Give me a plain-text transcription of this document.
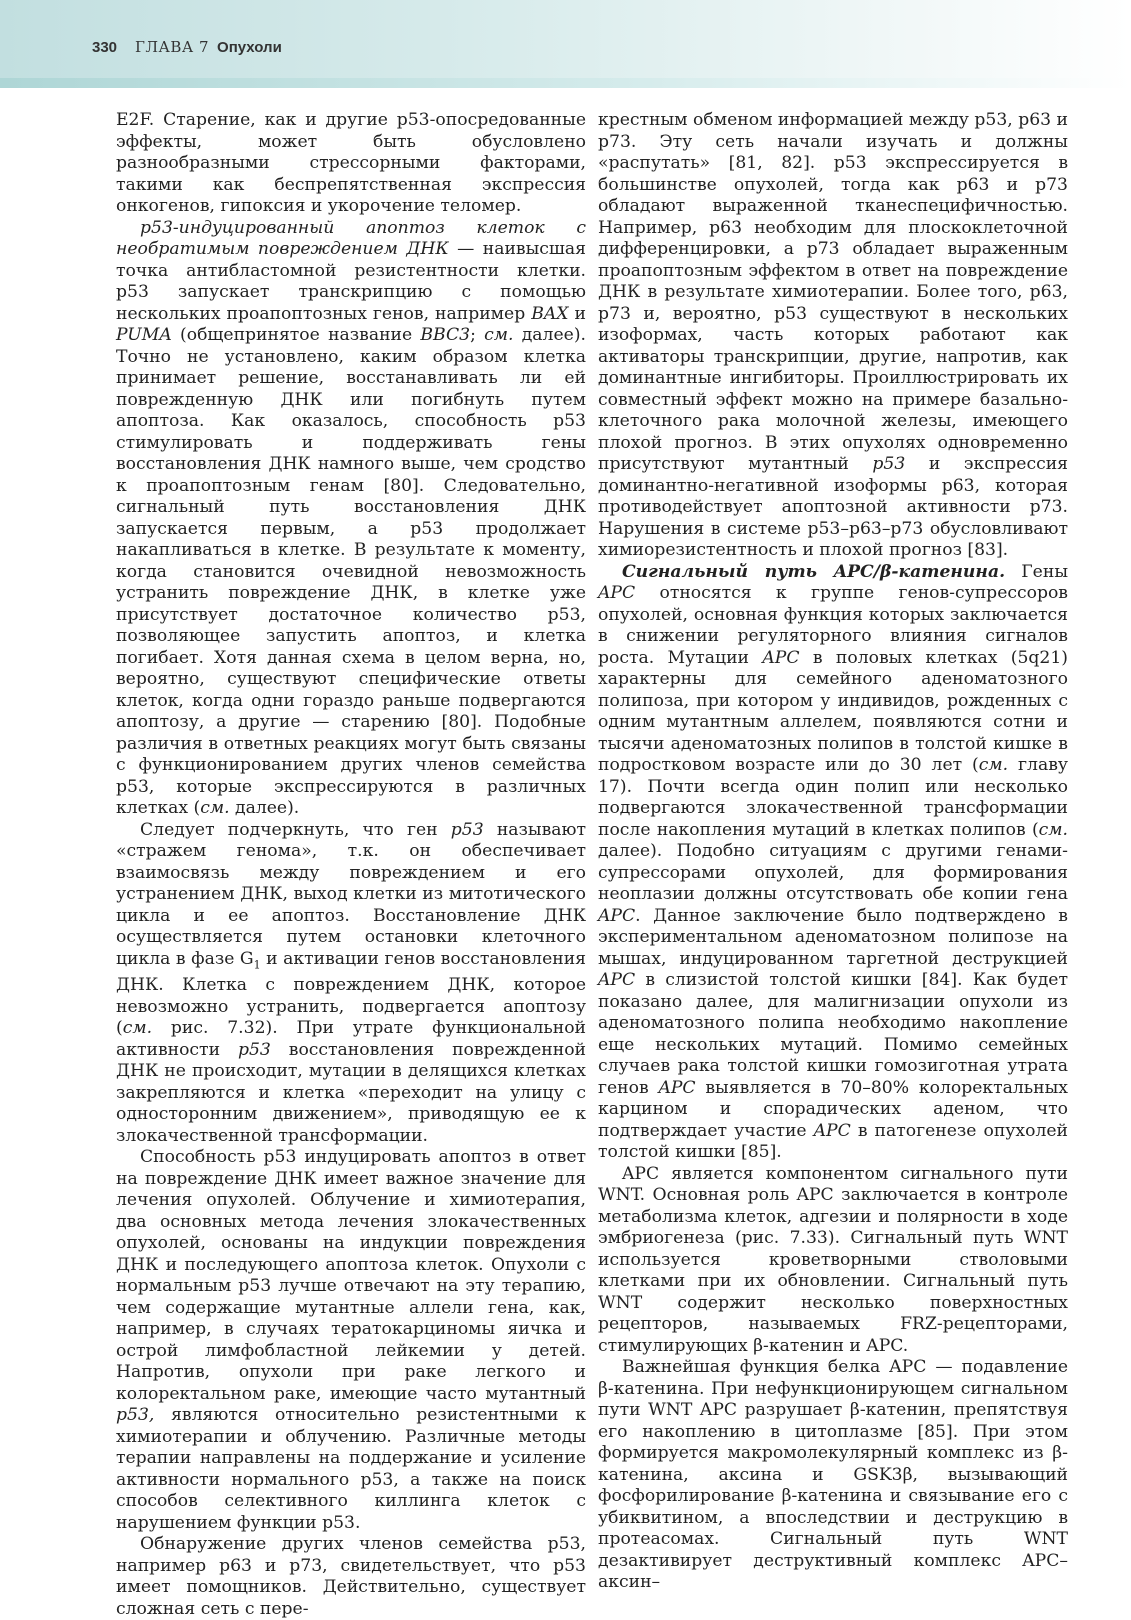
330 ГЛАВА 7 Опухоли

E2F. Старение, как и другие p53-опосредованные эффекты, может быть обусловлено разнообразными стрессорными факторами, такими как беспрепятственная экспрессия онкогенов, гипоксия и укорочение теломер.

p53-индуцированный апоптоз клеток с необратимым повреждением ДНК — наивысшая точка антибластомной резистентности клетки. p53 запускает транскрипцию с помощью нескольких проапоптозных генов, например BAX и PUMA (общепринятое название BBC3; см. далее). Точно не установлено, каким образом клетка принимает решение, восстанавливать ли ей поврежденную ДНК или погибнуть путем апоптоза. Как оказалось, способность p53 стимулировать и поддерживать гены восстановления ДНК намного выше, чем сродство к проапоптозным генам [80]. Следовательно, сигнальный путь восстановления ДНК запускается первым, а p53 продолжает накапливаться в клетке. В результате к моменту, когда становится очевидной невозможность устранить повреждение ДНК, в клетке уже присутствует достаточное количество p53, позволяющее запустить апоптоз, и клетка погибает. Хотя данная схема в целом верна, но, вероятно, существуют специфические ответы клеток, когда одни гораздо раньше подвергаются апоптозу, а другие — старению [80]. Подобные различия в ответных реакциях могут быть связаны с функционированием других членов семейства p53, которые экспрессируются в различных клетках (см. далее).

Следует подчеркнуть, что ген p53 называют «стражем генома», т.к. он обеспечивает взаимосвязь между повреждением и его устранением ДНК, выход клетки из митотического цикла и ее апоптоз. Восстановление ДНК осуществляется путем остановки клеточного цикла в фазе $G_1$ и активации генов восстановления ДНК. Клетка с повреждением ДНК, которое невозможно устранить, подвергается апоптозу (см. рис. 7.32). При утрате функциональной активности p53 восстановления поврежденной ДНК не происходит, мутации в делящихся клетках закрепляются и клетка «переходит на улицу с односторонним движением», приводящую ее к злокачественной трансформации.

Способность p53 индуцировать апоптоз в ответ на повреждение ДНК имеет важное значение для лечения опухолей. Облучение и химиотерапия, два основных метода лечения злокачественных опухолей, основаны на индукции повреждения ДНК и последующего апоптоза клеток. Опухоли с нормальным p53 лучше отвечают на эту терапию, чем содержащие мутантные аллели гена, как, например, в случаях тератокарциномы яичка и острой лимфобластной лейкемии у детей. Напротив, опухоли при раке легкого и колоректальном раке, имеющие часто мутантный p53, являются относительно резистентными к химиотерапии и облучению. Различные методы терапии направлены на поддержание и усиление активности нормального p53, а также на поиск способов селективного киллинга клеток с нарушением функции p53.

Обнаружение других членов семейства p53, например p63 и p73, свидетельствует, что p53 имеет помощников. Действительно, существует сложная сеть с пере-

крестным обменом информацией между p53, p63 и p73. Эту сеть начали изучать и должны «распутать» [81, 82]. p53 экспрессируется в большинстве опухолей, тогда как p63 и p73 обладают выраженной тканеспецифичностью. Например, p63 необходим для плоскоклеточной дифференцировки, а p73 обладает выраженным проапоптозным эффектом в ответ на повреждение ДНК в результате химиотерапии. Более того, p63, p73 и, вероятно, p53 существуют в нескольких изоформах, часть которых работают как активаторы транскрипции, другие, напротив, как доминантные ингибиторы. Проиллюстрировать их совместный эффект можно на примере базально-клеточного рака молочной железы, имеющего плохой прогноз. В этих опухолях одновременно присутствуют мутантный p53 и экспрессия доминантно-негативной изоформы p63, которая противодействует апоптозной активности p73. Нарушения в системе p53–p63–p73 обусловливают химиорезистентность и плохой прогноз [83].

Сигнальный путь APC/β-катенина. Гены APC относятся к группе генов-супрессоров опухолей, основная функция которых заключается в снижении регуляторного влияния сигналов роста. Мутации APC в половых клетках (5q21) характерны для семейного аденоматозного полипоза, при котором у индивидов, рожденных с одним мутантным аллелем, появляются сотни и тысячи аденоматозных полипов в толстой кишке в подростковом возрасте или до 30 лет (см. главу 17). Почти всегда один полип или несколько подвергаются злокачественной трансформации после накопления мутаций в клетках полипов (см. далее). Подобно ситуациям с другими генами-супрессорами опухолей, для формирования неоплазии должны отсутствовать обе копии гена APC. Данное заключение было подтверждено в экспериментальном аденоматозном полипозе на мышах, индуцированном таргетной деструкцией APC в слизистой толстой кишки [84]. Как будет показано далее, для малигнизации опухоли из аденоматозного полипа необходимо накопление еще нескольких мутаций. Помимо семейных случаев рака толстой кишки гомозиготная утрата генов APC выявляется в 70–80% колоректальных карцином и спорадических аденом, что подтверждает участие APC в патогенезе опухолей толстой кишки [85].

APC является компонентом сигнального пути WNT. Основная роль APC заключается в контроле метаболизма клеток, адгезии и полярности в ходе эмбриогенеза (рис. 7.33). Сигнальный путь WNT используется кроветворными стволовыми клетками при их обновлении. Сигнальный путь WNT содержит несколько поверхностных рецепторов, называемых FRZ-рецепторами, стимулирующих β-катенин и APC.

Важнейшая функция белка APC — подавление β-катенина. При нефункционирующем сигнальном пути WNT APC разрушает β-катенин, препятствуя его накоплению в цитоплазме [85]. При этом формируется макромолекулярный комплекс из β-катенина, аксина и GSK3β, вызывающий фосфорилирование β-катенина и связывание его с убиквитином, а впоследствии и деструкцию в протеасомах. Сигнальный путь WNT дезактивирует деструктивный комплекс APC–аксин–
